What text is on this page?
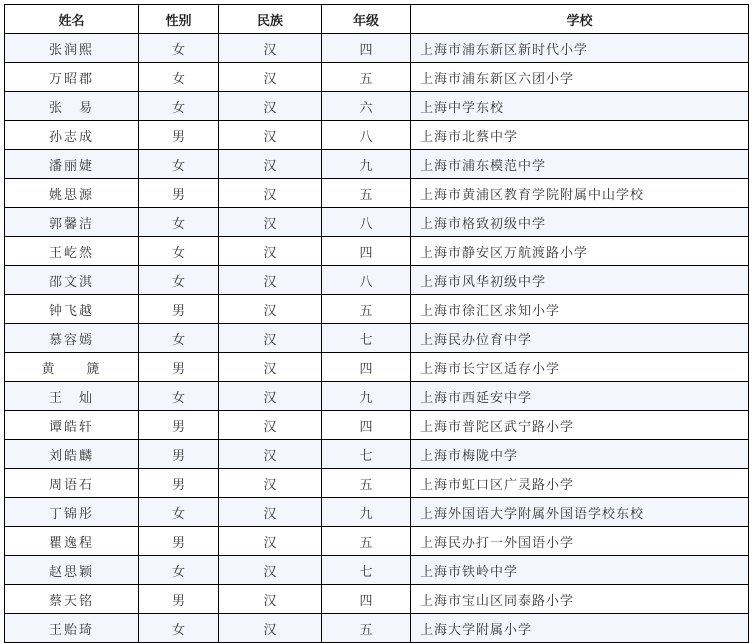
姓名	性别	民族	年级	学校
张润熙	女	汉	四	上海市浦东新区新时代小学
万昭郡	女	汉	五	上海市浦东新区六团小学
张　易	女	汉	六	上海中学东校
孙志成	男	汉	八	上海市北蔡中学
潘丽婕	女	汉	九	上海市浦东模范中学
姚思源	男	汉	五	上海市黄浦区教育学院附属中山学校
郭馨洁	女	汉	八	上海市格致初级中学
王屹然	女	汉	四	上海市静安区万航渡路小学
邵文淇	女	汉	八	上海市风华初级中学
钟飞越	男	汉	五	上海市徐汇区求知小学
慕容嫣	女	汉	七	上海民办位育中学
黄　　篪	男	汉	四	上海市长宁区适存小学
王　灿	女	汉	九	上海市西延安中学
谭皓轩	男	汉	四	上海市普陀区武宁路小学
刘皓麟	男	汉	七	上海市梅陇中学
周语石	男	汉	五	上海市虹口区广灵路小学
丁锦彤	女	汉	九	上海外国语大学附属外国语学校东校
瞿逸程	男	汉	五	上海民办打一外国语小学
赵思颖	女	汉	七	上海市铁岭中学
蔡天铭	男	汉	四	上海市宝山区同泰路小学
王贻琦	女	汉	五	上海大学附属小学
